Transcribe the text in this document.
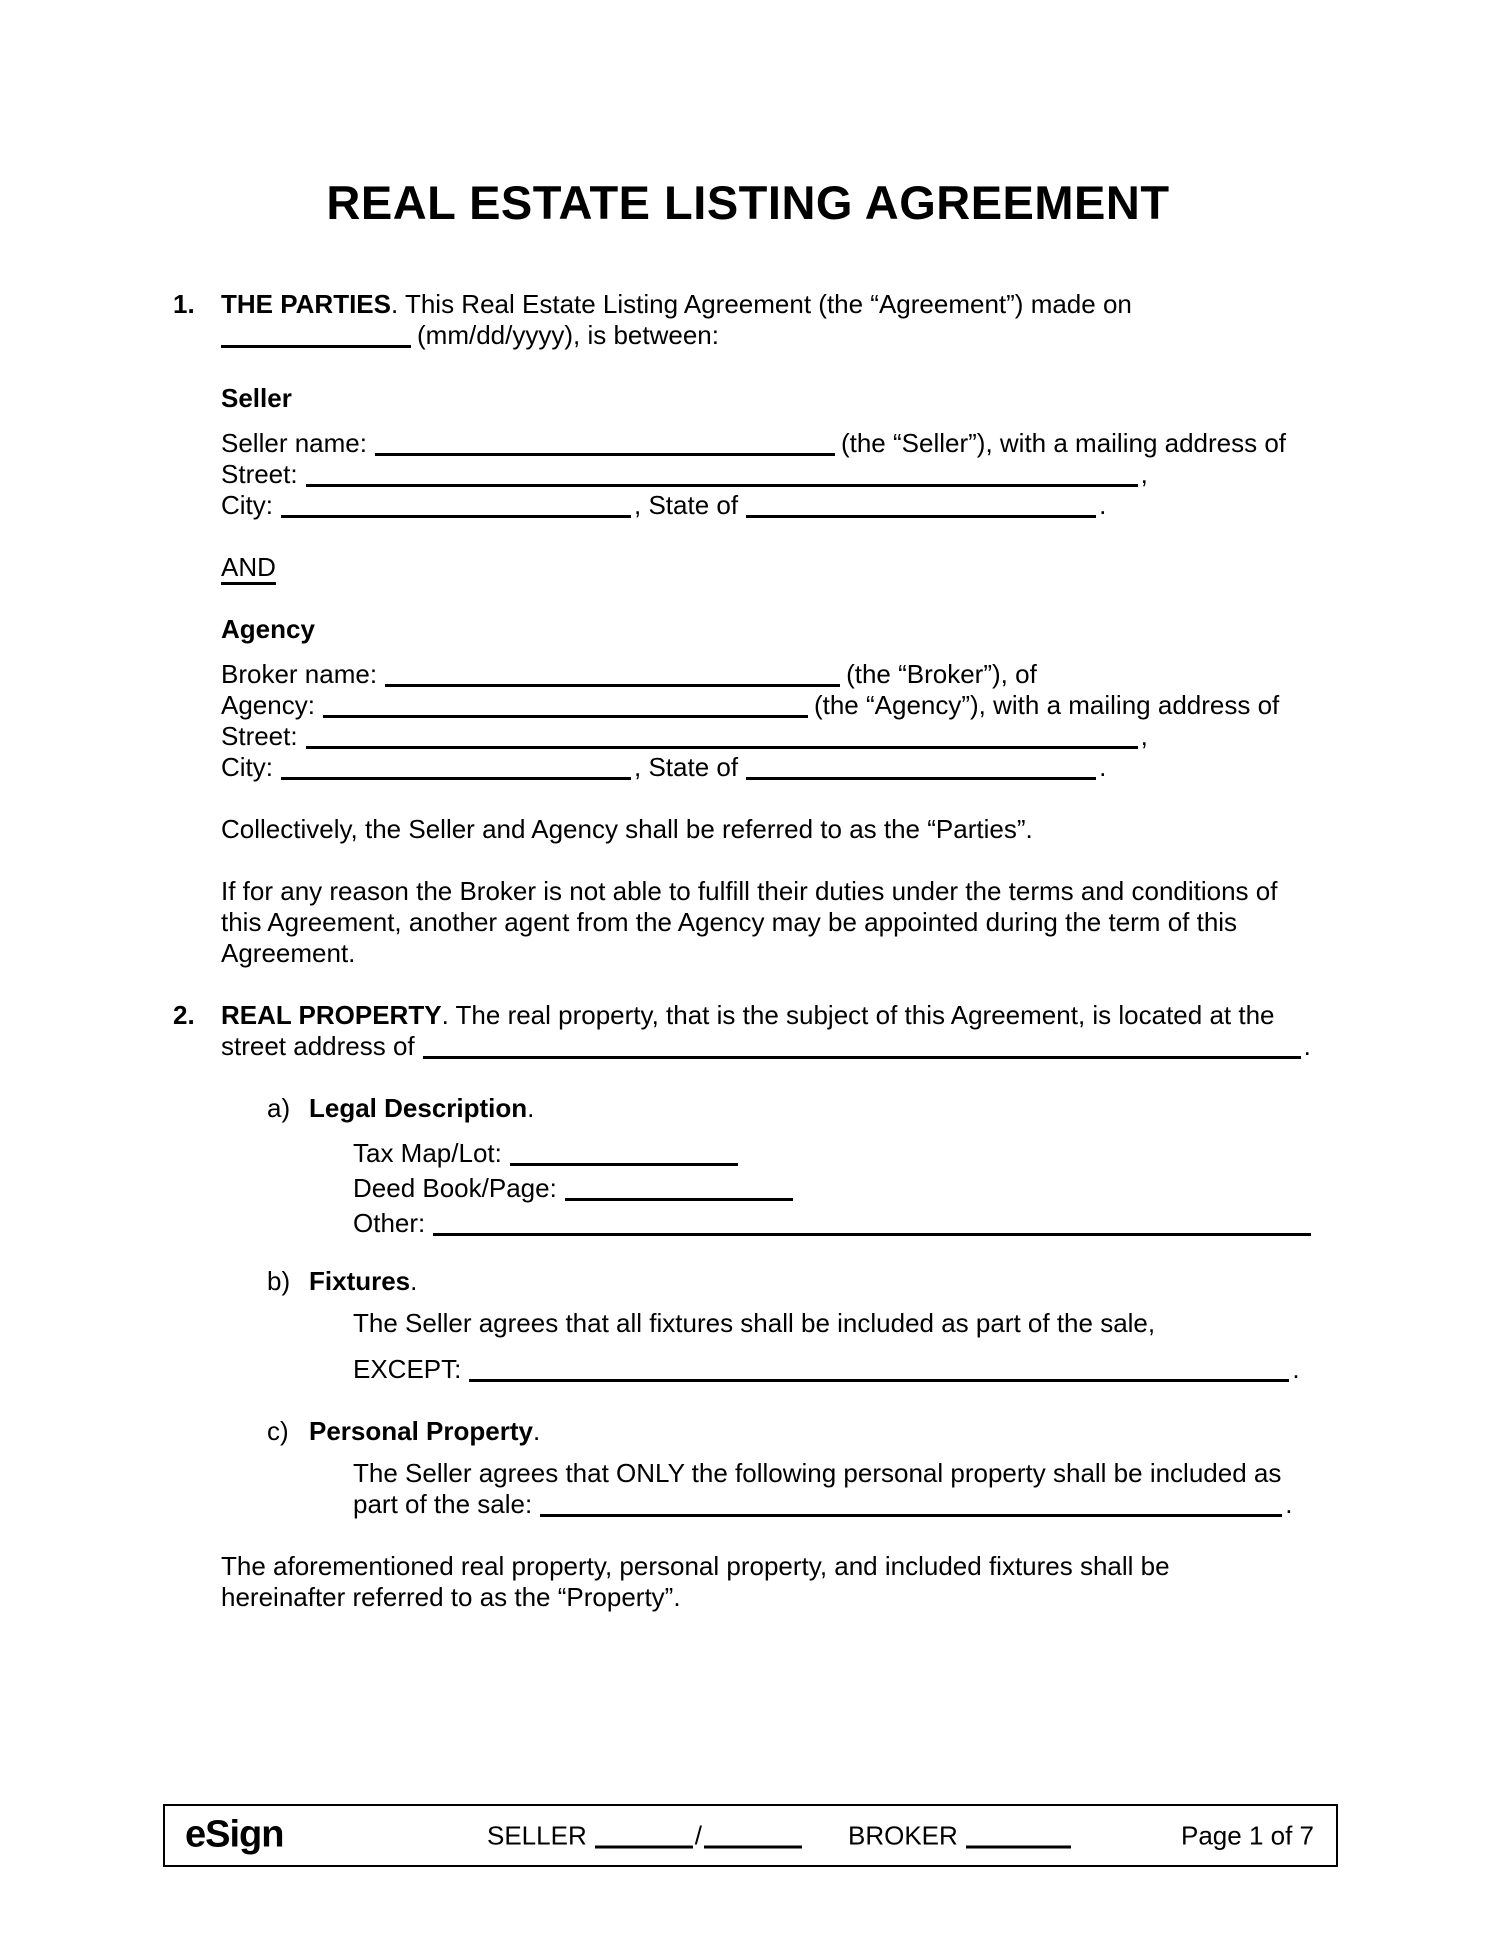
REAL ESTATE LISTING AGREEMENT
1. THE PARTIES. This Real Estate Listing Agreement (the “Agreement”) made on
(mm/dd/yyyy), is between:
Seller
Seller name:	(the “Seller”), with a mailing address of
Street:	,
City:	, State of	.
AND
Agency
Broker name:	(the “Broker”), of
Agency:	(the “Agency”), with a mailing address of
Street:	,
City:	, State of	.
Collectively, the Seller and Agency shall be referred to as the “Parties”.
If for any reason the Broker is not able to fulfill their duties under the terms and conditions of
this Agreement, another agent from the Agency may be appointed during the term of this
Agreement.
2. REAL PROPERTY. The real property, that is the subject of this Agreement, is located at the
street address of	.
a) Legal Description.
Tax Map/Lot:
Deed Book/Page:
Other:
b) Fixtures.
The Seller agrees that all fixtures shall be included as part of the sale,
EXCEPT:	.
c) Personal Property.
The Seller agrees that ONLY the following personal property shall be included as
part of the sale:	.
The aforementioned real property, personal property, and included fixtures shall be
hereinafter referred to as the “Property”.
eSign	SELLER	/	BROKER	Page 1 of 7
